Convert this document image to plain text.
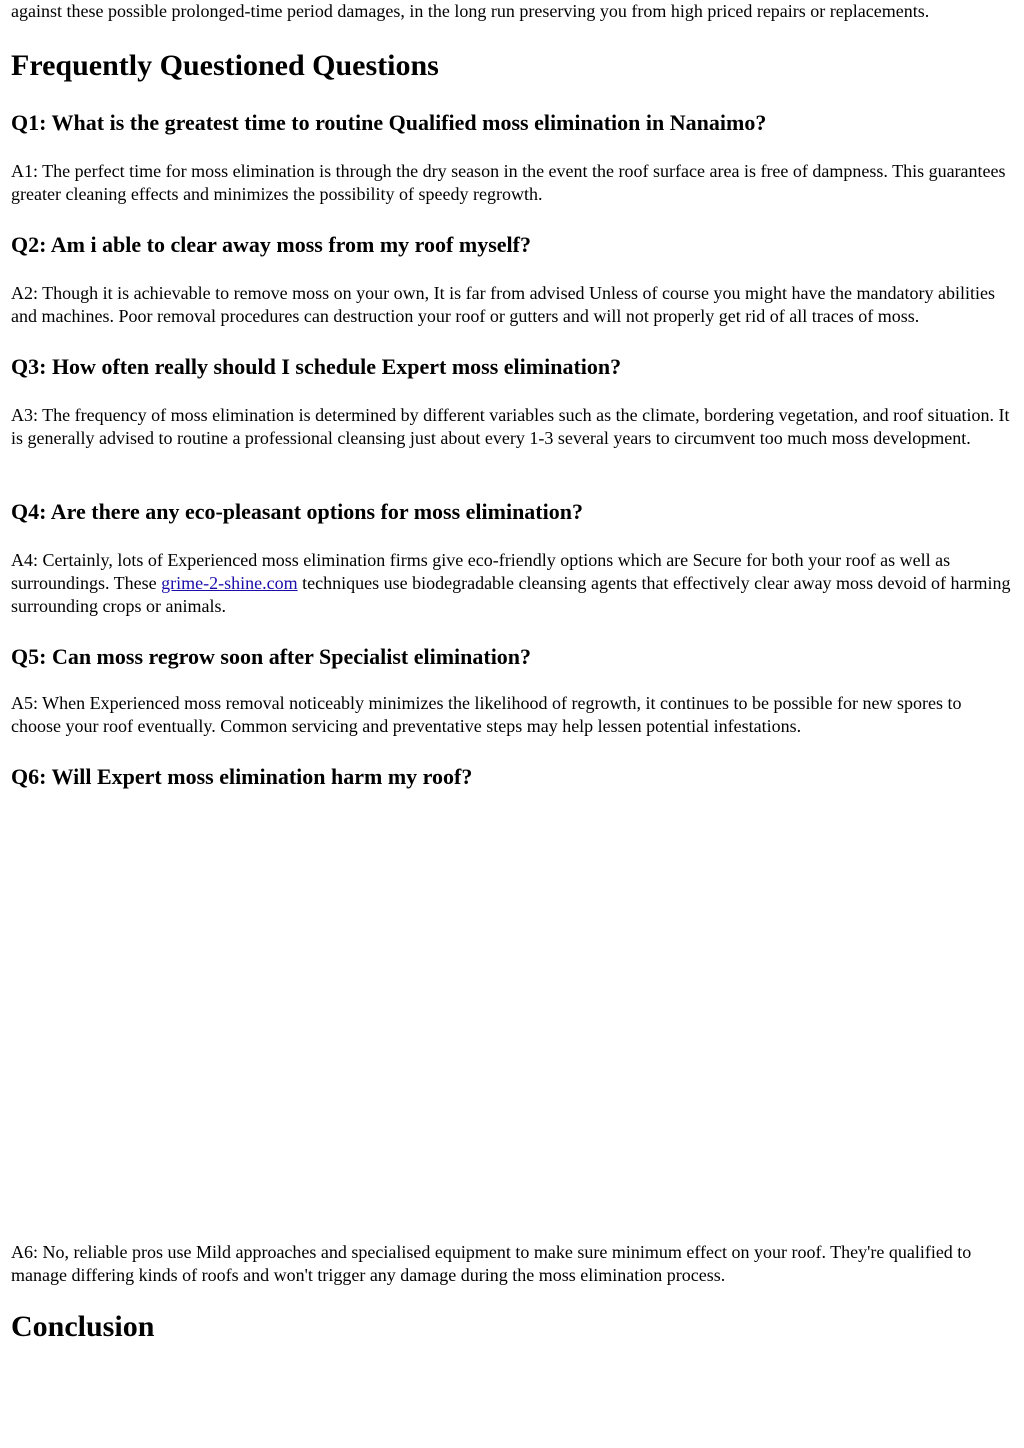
against these possible prolonged-time period damages, in the long run preserving you from high priced repairs or replacements.

Frequently Questioned Questions
Q1: What is the greatest time to routine Qualified moss elimination in Nanaimo?

A1: The perfect time for moss elimination is through the dry season in the event the roof surface area is free of dampness. This guarantees greater cleaning effects and minimizes the possibility of speedy regrowth.

Q2: Am i able to clear away moss from my roof myself?

A2: Though it is achievable to remove moss on your own, It is far from advised Unless of course you might have the mandatory abilities and machines. Poor removal procedures can destruction your roof or gutters and will not properly get rid of all traces of moss.

Q3: How often really should I schedule Expert moss elimination?

A3: The frequency of moss elimination is determined by different variables such as the climate, bordering vegetation, and roof situation. It is generally advised to routine a professional cleansing just about every 1-3 several years to circumvent too much moss development.

Q4: Are there any eco-pleasant options for moss elimination?

A4: Certainly, lots of Experienced moss elimination firms give eco-friendly options which are Secure for both your roof as well as surroundings. These grime-2-shine.com techniques use biodegradable cleansing agents that effectively clear away moss devoid of harming surrounding crops or animals.

Q5: Can moss regrow soon after Specialist elimination?

A5: When Experienced moss removal noticeably minimizes the likelihood of regrowth, it continues to be possible for new spores to choose your roof eventually. Common servicing and preventative steps may help lessen potential infestations.

Q6: Will Expert moss elimination harm my roof?

A6: No, reliable pros use Mild approaches and specialised equipment to make sure minimum effect on your roof. They're qualified to manage differing kinds of roofs and won't trigger any damage during the moss elimination process.

Conclusion
